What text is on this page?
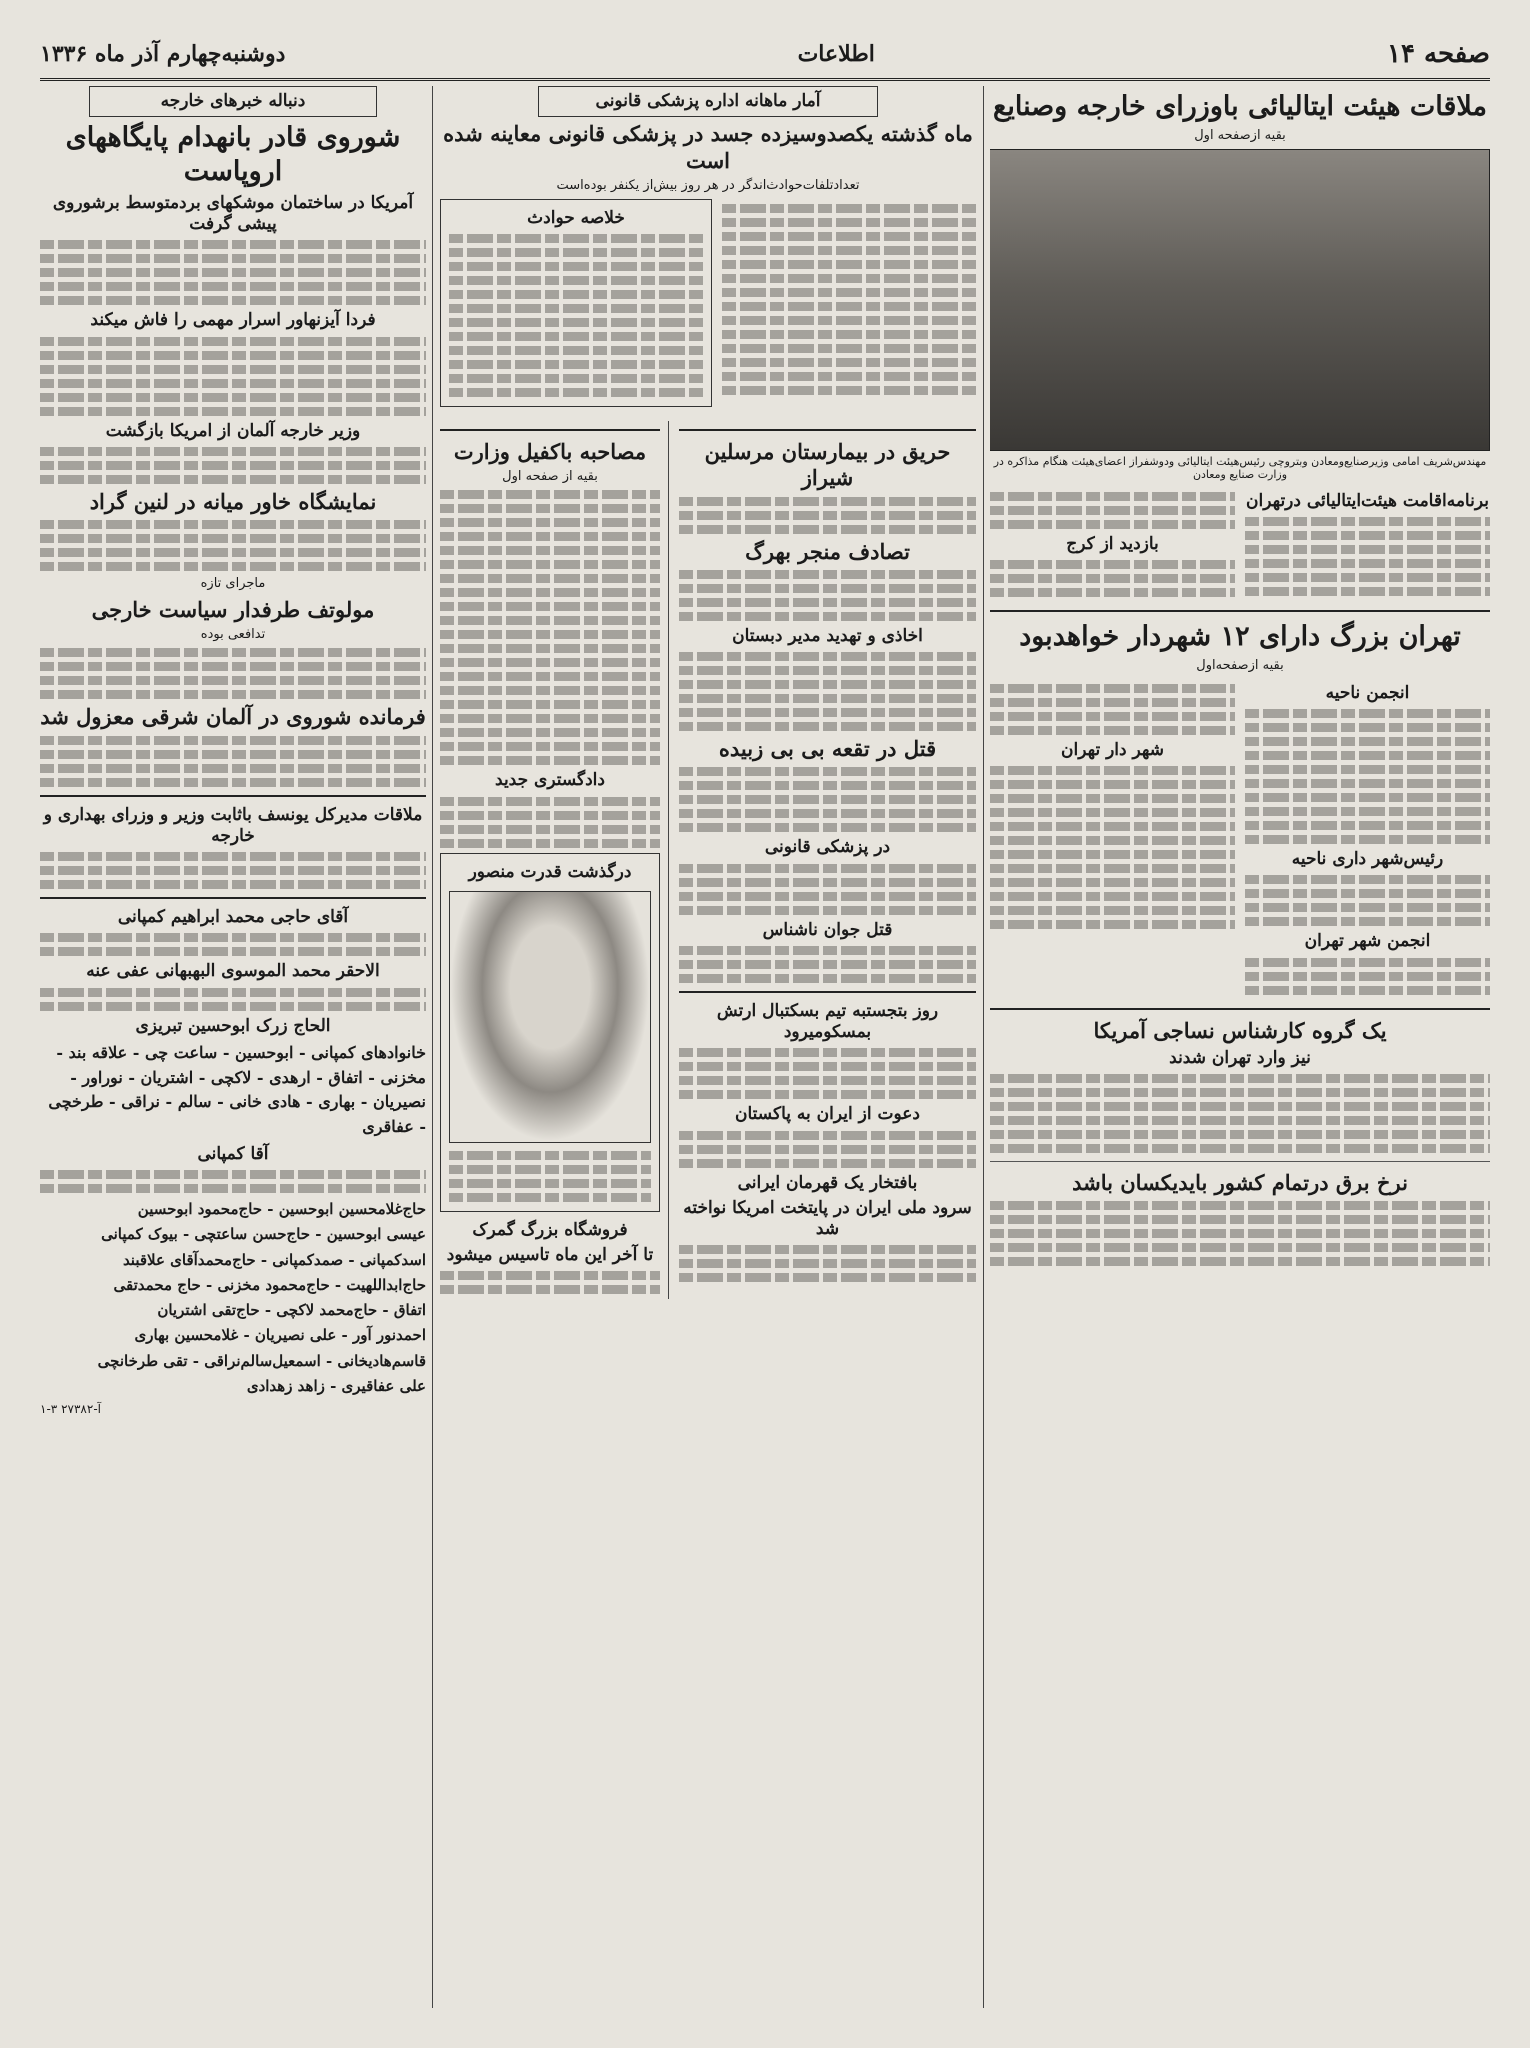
صفحه ۱۴
اطلاعات
دوشنبه‌چهارم آذر ماه ۱۳۳۶
ملاقات هیئت ایتالیائی باوزرای خارجه وصنایع
بقیه ازصفحه اول
مهندس‌شریف امامی وزیرصنایع‌ومعادن وبتروچی رئیس‌هیئت ایتالیائی ودوشفراز اعضای‌هیئت هنگام مذاکره در وزارت صنایع ومعادن
برنامه‌اقامت هیئت‌ایتالیائی درتهران
بازدید از کرج
تهران بزرگ دارای ۱۲ شهردار خواهدبود
بقیه ازصفحه‌اول
انجمن ناحیه
رئیس‌شهر داری ناحیه
انجمن شهر تهران
شهر دار تهران
یک گروه کارشناس نساجی آمریکا
نیز وارد تهران شدند
نرخ برق درتمام کشور بایدیکسان باشد
آمار ماهانه اداره پزشکی قانونی
ماه گذشته یکصدوسیزده جسد در پزشکی قانونی معاینه شده است
تعداد‌تلفات‌حوادث‌اندگر در هر روز بیش‌از یکنفر بوده‌است
خلاصه حوادث
حریق در بیمارستان مرسلین شیراز
تصادف منجر بهرگ
اخاذی و تهدید مدیر دبستان
قتل در تقعه بی بی زبیده
در پزشکی قانونی
قتل جوان ناشناس
روز بتجستبه تیم بسکتبال ارتش بمسکومیرود
دعوت از ایران به پاکستان
بافتخار یک قهرمان ایرانی
سرود ملی ایران در پایتخت امریکا نواخته شد
مصاحبه باکفیل وزارت
بقیه از صفحه اول
دادگستری جدید
درگذشت قدرت منصور
فروشگاه بزرگ گمرک
تا آخر این ماه تاسیس میشود
دنباله خبرهای خارجه
شوروی قادر بانهدام پایگاههای اروپاست
آمریکا در ساختمان موشکهای بردمتوسط برشوروی پیشی گرفت
فردا آیزنهاور اسرار مهمی را فاش میکند
وزیر خارجه آلمان از امریکا بازگشت
نمایشگاه خاور میانه در لنین گراد
ماجرای تازه
مولوتف طرفدار سیاست خارجی
تدافعی بوده
فرمانده شوروی در آلمان شرقی معزول شد
ملاقات مدیرکل یونسف باثابت وزیر و وزرای بهداری و خارجه
آقای حاجی محمد ابراهیم کمپانی
الاحقر محمد الموسوی البهبهانی عفی عنه
الحاج زرک ابوحسین تبریزی
خانوادهای کمپانی - ابوحسین - ساعت چی - علاقه بند - مخزنی - اتفاق - ارهدی - لاکچی - اشتریان - نوراور - نصیریان - بهاری - هادی خانی - سالم - نراقی - طرخچی - عفاقری
آقا کمپانی
حاج‌غلامحسین ابوحسین - حاج‌محمود ابوحسین
عیسی ابوحسین - حاج‌حسن ساعتچی - بیوک کمپانی
اسدکمپانی - صمدکمپانی - حاج‌محمد‌آقای علاقبند
حاج‌ابداللهیت - حاج‌محمود مخزنی - حاج محمدتقی
اتفاق - حاج‌محمد لاکچی - حاج‌تقی اشتریان
احمدنور آور - علی نصیریان - غلامحسین بهاری
قاسم‌هادیخانی - اسمعیل‌سالم‌نراقی - تقی طرخانچی
علی عفاقیری - زاهد زهدادی
آ-۲۷۳۸۲ ۳-۱
